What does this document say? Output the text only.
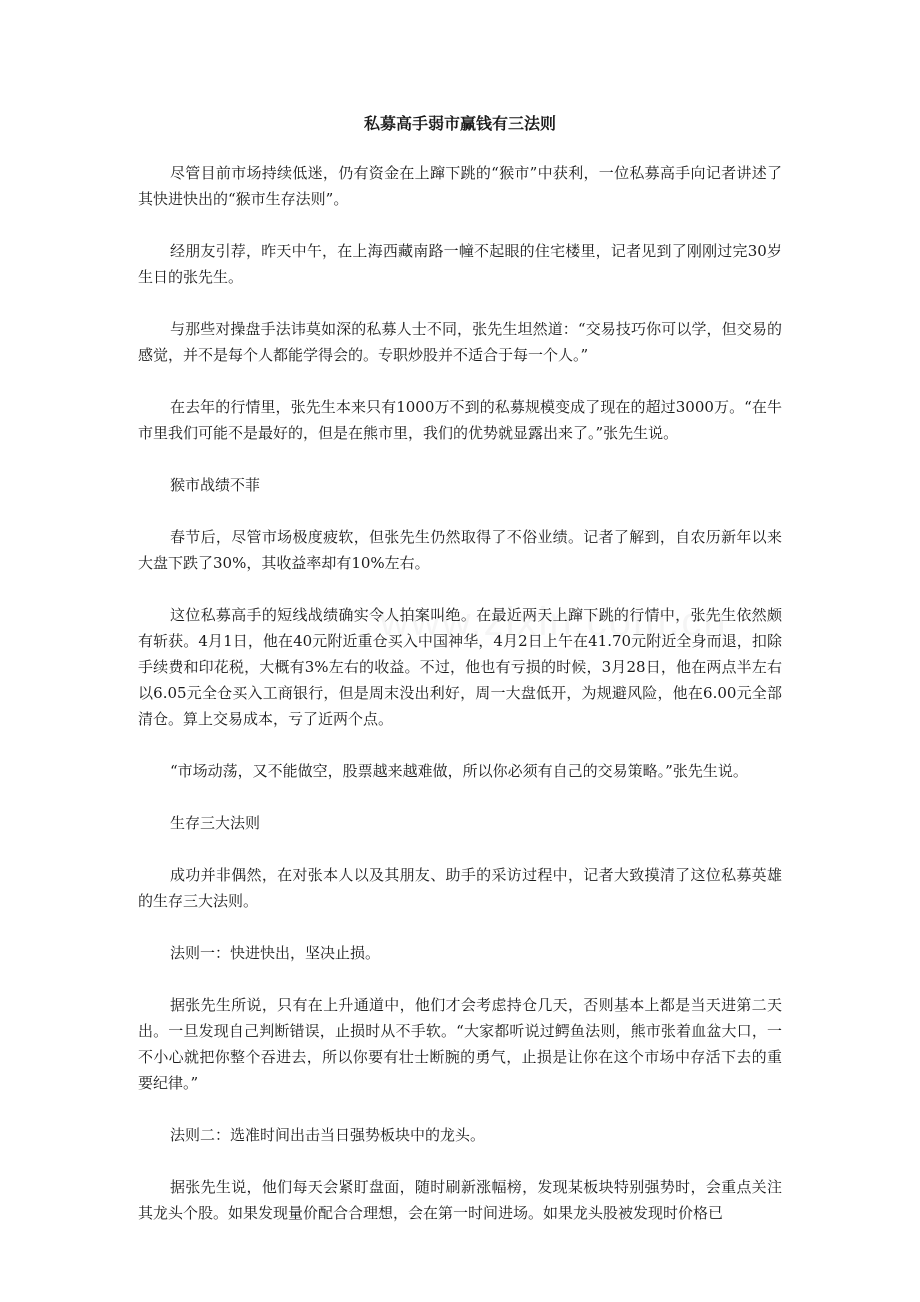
私募高手弱市赢钱有三法则

尽管目前市场持续低迷，仍有资金在上蹿下跳的“猴市”中获利，一位私募高手向记者讲述了其快进快出的“猴市生存法则”。

经朋友引荐，昨天中午，在上海西藏南路一幢不起眼的住宅楼里，记者见到了刚刚过完30岁生日的张先生。

与那些对操盘手法讳莫如深的私募人士不同，张先生坦然道：“交易技巧你可以学，但交易的感觉，并不是每个人都能学得会的。专职炒股并不适合于每一个人。”

在去年的行情里，张先生本来只有1000万不到的私募规模变成了现在的超过3000万。“在牛市里我们可能不是最好的，但是在熊市里，我们的优势就显露出来了。”张先生说。

猴市战绩不菲

春节后，尽管市场极度疲软，但张先生仍然取得了不俗业绩。记者了解到，自农历新年以来大盘下跌了30%，其收益率却有10%左右。

这位私募高手的短线战绩确实令人拍案叫绝。在最近两天上蹿下跳的行情中，张先生依然颇有斩获。4月1日，他在40元附近重仓买入中国神华，4月2日上午在41.70元附近全身而退，扣除手续费和印花税，大概有3%左右的收益。不过，他也有亏损的时候，3月28日，他在两点半左右以6.05元全仓买入工商银行，但是周末没出利好，周一大盘低开，为规避风险，他在6.00元全部清仓。算上交易成本，亏了近两个点。

“市场动荡，又不能做空，股票越来越难做，所以你必须有自己的交易策略。”张先生说。

生存三大法则

成功并非偶然，在对张本人以及其朋友、助手的采访过程中，记者大致摸清了这位私募英雄的生存三大法则。

法则一：快进快出，坚决止损。

据张先生所说，只有在上升通道中，他们才会考虑持仓几天，否则基本上都是当天进第二天出。一旦发现自己判断错误，止损时从不手软。“大家都听说过鳄鱼法则，熊市张着血盆大口，一不小心就把你整个吞进去，所以你要有壮士断腕的勇气，止损是让你在这个市场中存活下去的重要纪律。”

法则二：选准时间出击当日强势板块中的龙头。

据张先生说，他们每天会紧盯盘面，随时刷新涨幅榜，发现某板块特别强势时，会重点关注其龙头个股。如果发现量价配合合理想，会在第一时间进场。如果龙头股被发现时价格已
